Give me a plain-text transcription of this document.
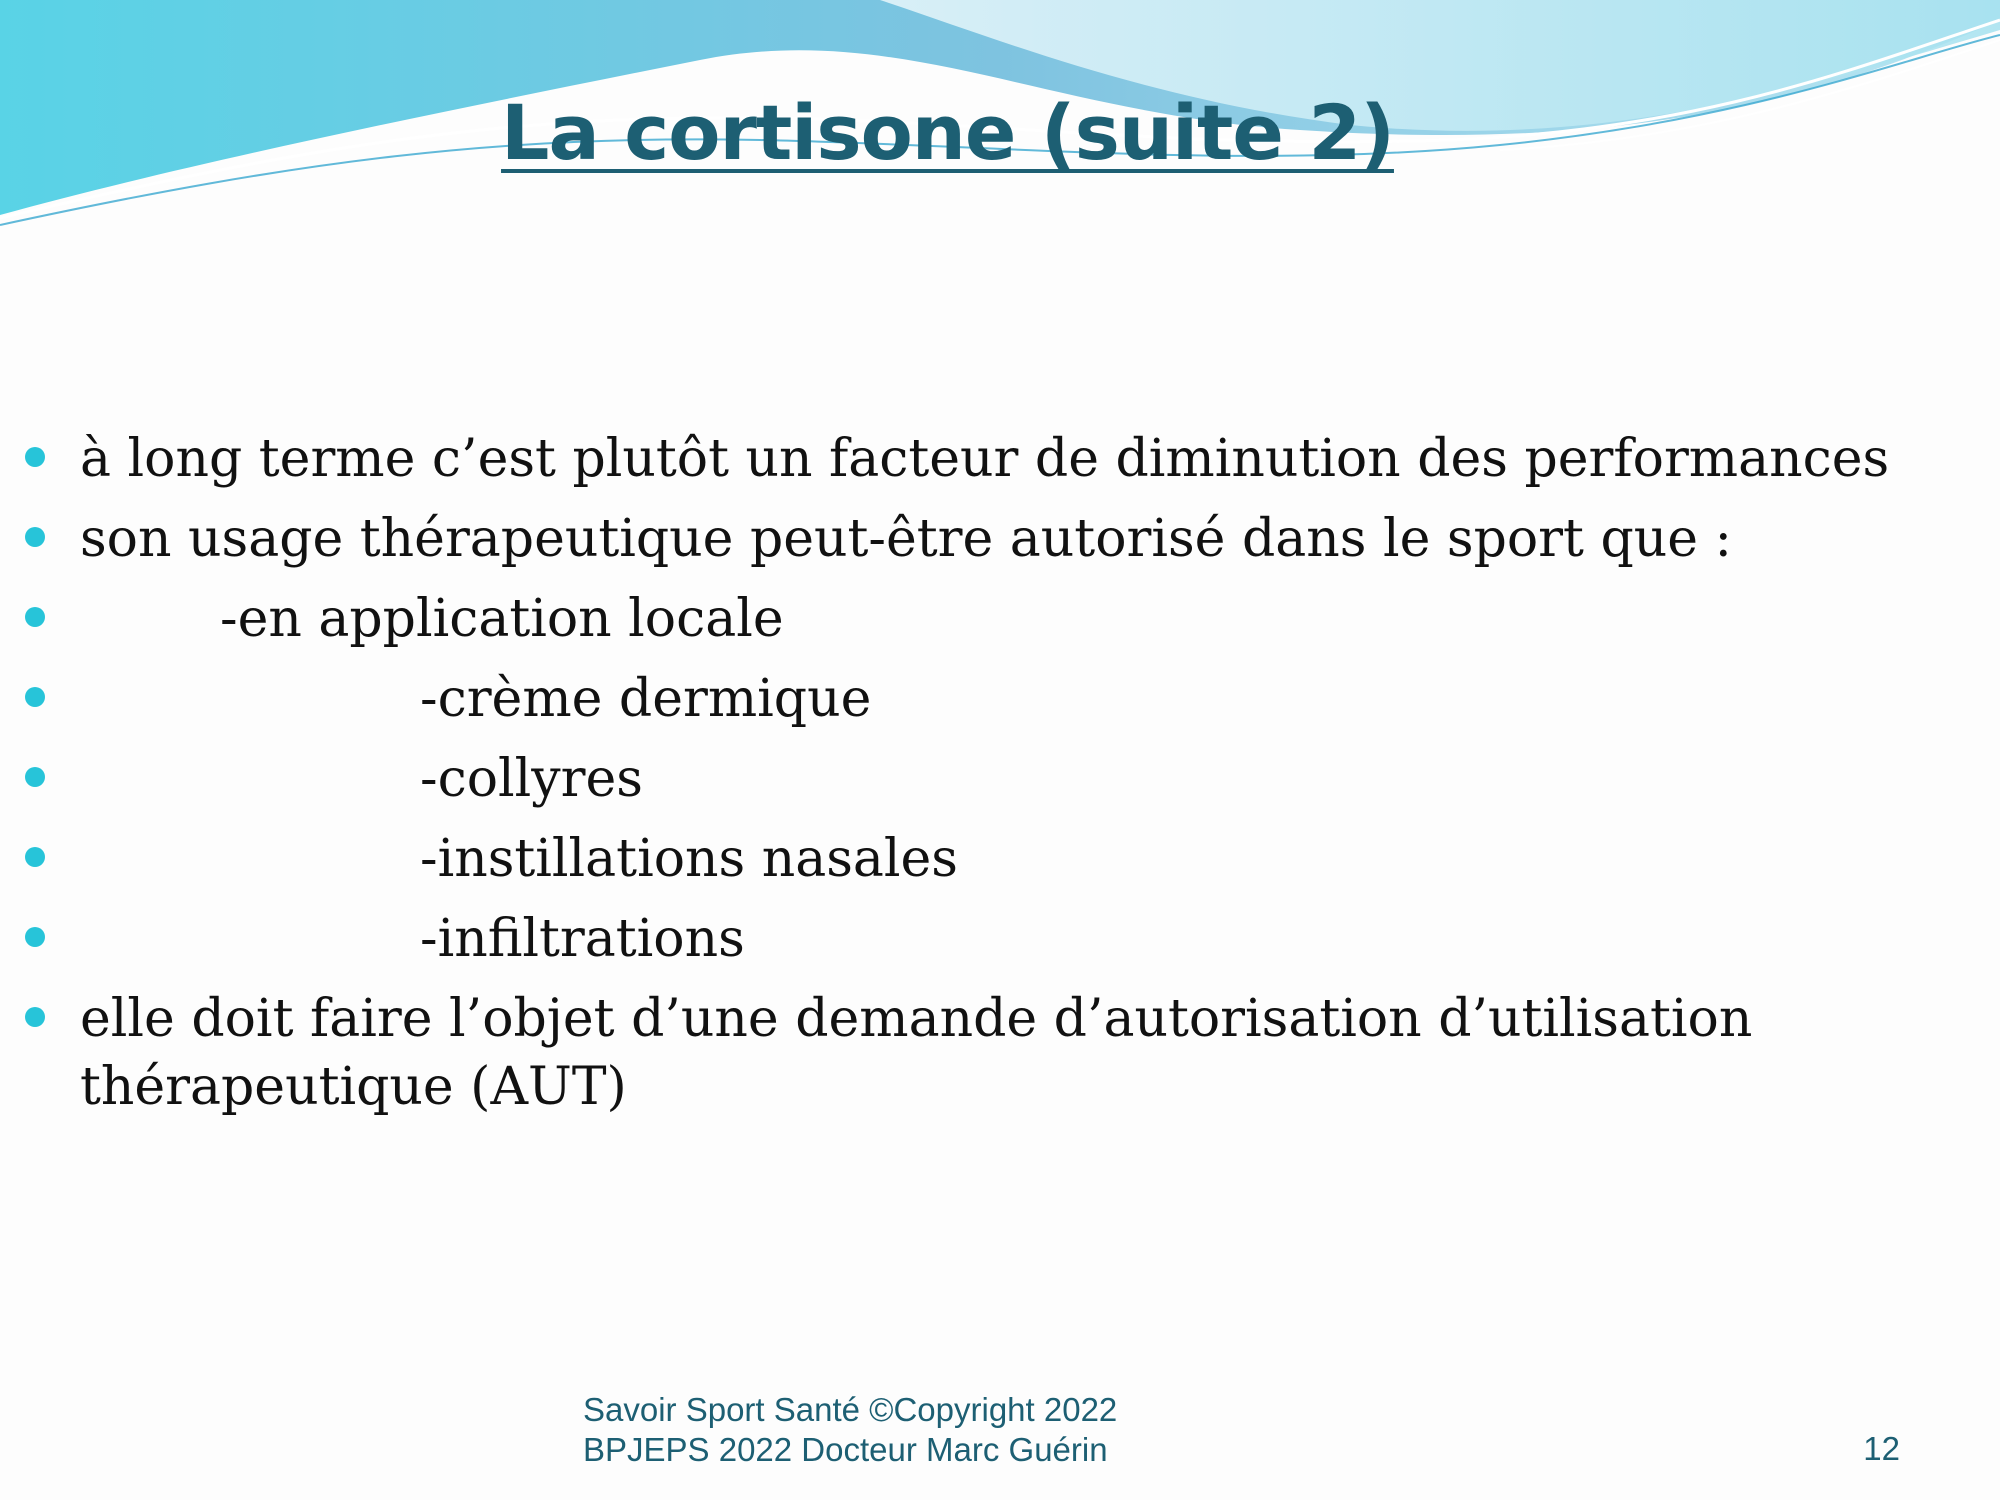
La cortisone (suite 2)
à long terme c’est plutôt un facteur de diminution des performances
son usage thérapeutique peut-être autorisé dans le sport que :
-en application locale
-crème dermique
-collyres
-instillations nasales
-infiltrations
elle doit faire l’objet d’une demande d’autorisation d’utilisation thérapeutique (AUT)
Savoir Sport Santé ©Copyright 2022
BPJEPS 2022 Docteur Marc Guérin	12
